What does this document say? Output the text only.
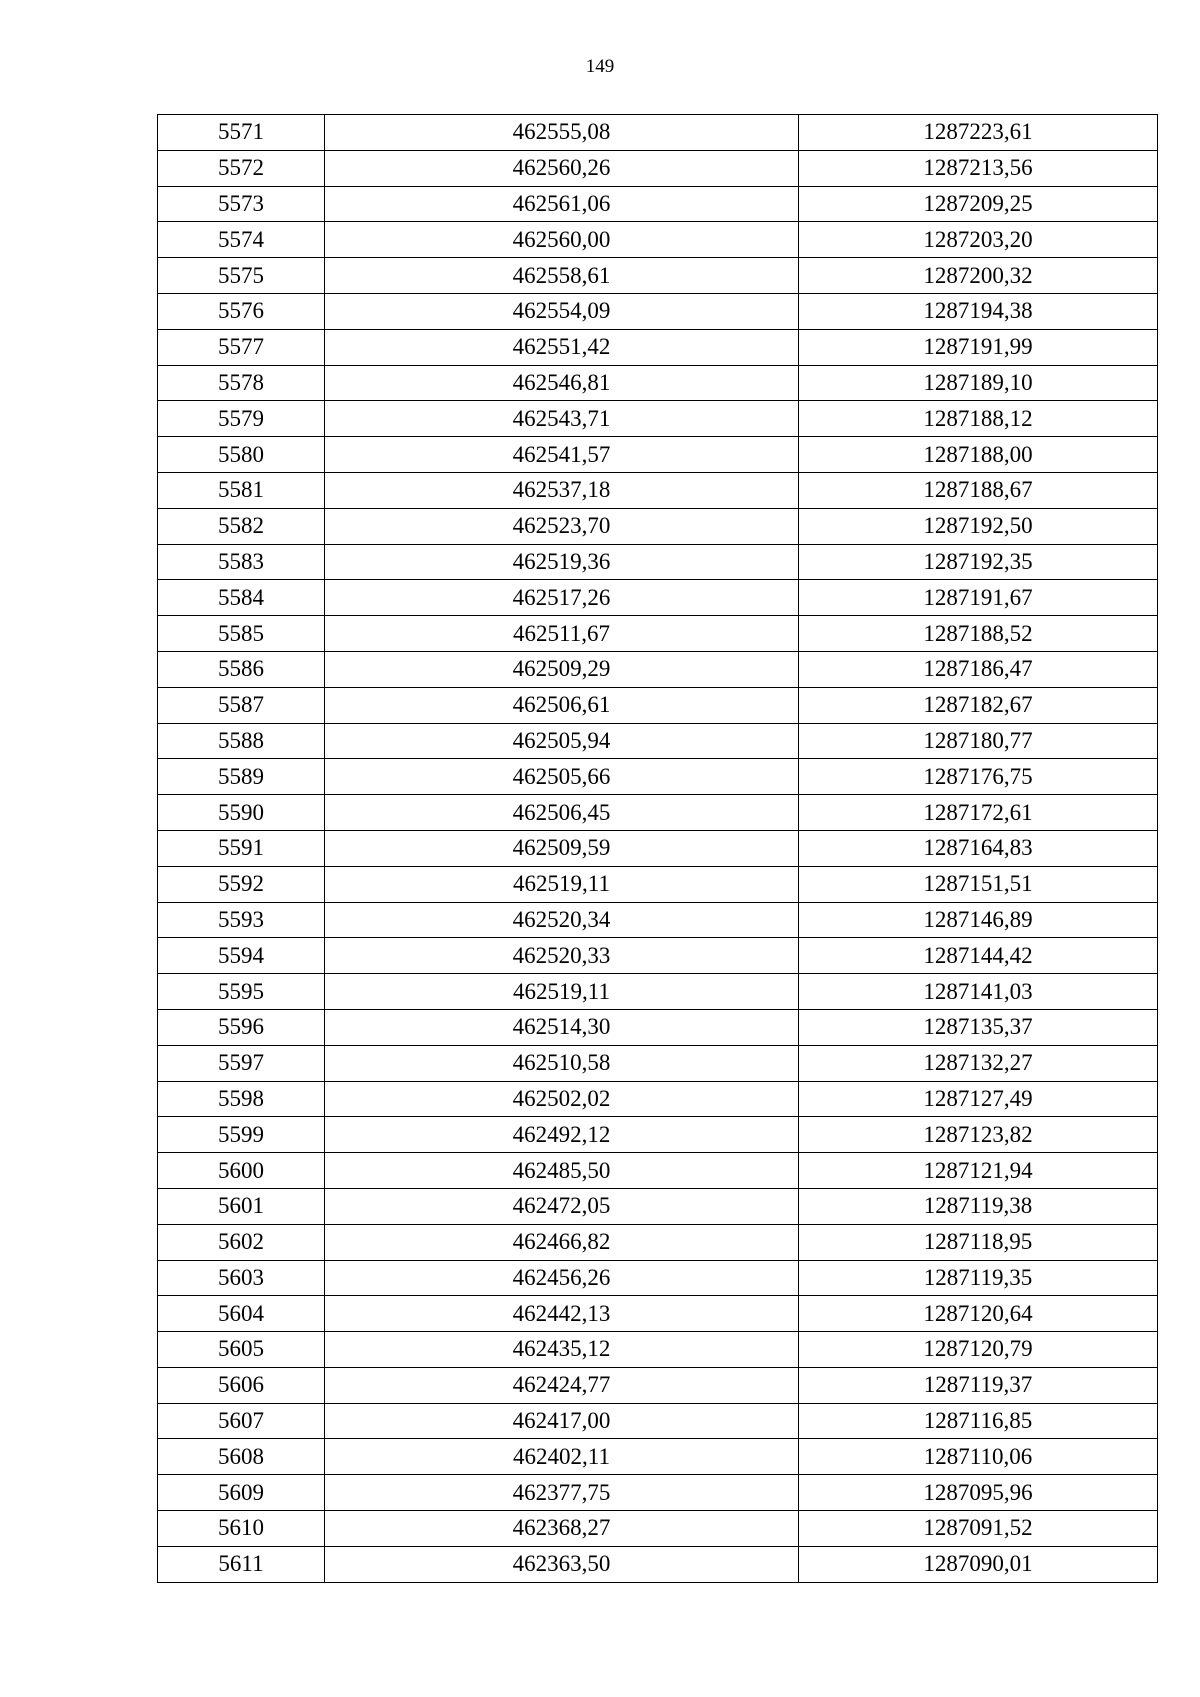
149
5571	462555,08	1287223,61
5572	462560,26	1287213,56
5573	462561,06	1287209,25
5574	462560,00	1287203,20
5575	462558,61	1287200,32
5576	462554,09	1287194,38
5577	462551,42	1287191,99
5578	462546,81	1287189,10
5579	462543,71	1287188,12
5580	462541,57	1287188,00
5581	462537,18	1287188,67
5582	462523,70	1287192,50
5583	462519,36	1287192,35
5584	462517,26	1287191,67
5585	462511,67	1287188,52
5586	462509,29	1287186,47
5587	462506,61	1287182,67
5588	462505,94	1287180,77
5589	462505,66	1287176,75
5590	462506,45	1287172,61
5591	462509,59	1287164,83
5592	462519,11	1287151,51
5593	462520,34	1287146,89
5594	462520,33	1287144,42
5595	462519,11	1287141,03
5596	462514,30	1287135,37
5597	462510,58	1287132,27
5598	462502,02	1287127,49
5599	462492,12	1287123,82
5600	462485,50	1287121,94
5601	462472,05	1287119,38
5602	462466,82	1287118,95
5603	462456,26	1287119,35
5604	462442,13	1287120,64
5605	462435,12	1287120,79
5606	462424,77	1287119,37
5607	462417,00	1287116,85
5608	462402,11	1287110,06
5609	462377,75	1287095,96
5610	462368,27	1287091,52
5611	462363,50	1287090,01
